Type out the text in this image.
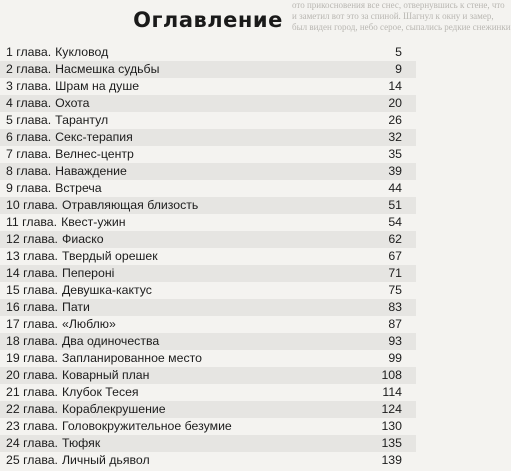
ото прикосновения все снес, отвернувшись к стене, что
и заметил вот это за спиной. Шагнул к окну и замер,
был виден город, небо серое, сыпались редкие снежинки
Оглавление
1 глава. Кукловод	5
2 глава. Насмешка судьбы	9
3 глава. Шрам на душе	14
4 глава. Охота	20
5 глава. Тарантул	26
6 глава. Секс-терапия	32
7 глава. Велнес-центр	35
8 глава. Наваждение	39
9 глава. Встреча	44
10 глава. Отравляющая близость	51
11 глава. Квест-ужин	54
12 глава. Фиаско	62
13 глава. Твердый орешек	67
14 глава. Пепероні	71
15 глава. Девушка-кактус	75
16 глава. Пати	83
17 глава. «Люблю»	87
18 глава. Два одиночества	93
19 глава. Запланированное место	99
20 глава. Коварный план	108
21 глава. Клубок Тесея	114
22 глава. Кораблекрушение	124
23 глава. Головокружительное безумие	130
24 глава. Тюфяк	135
25 глава. Личный дьявол	139
